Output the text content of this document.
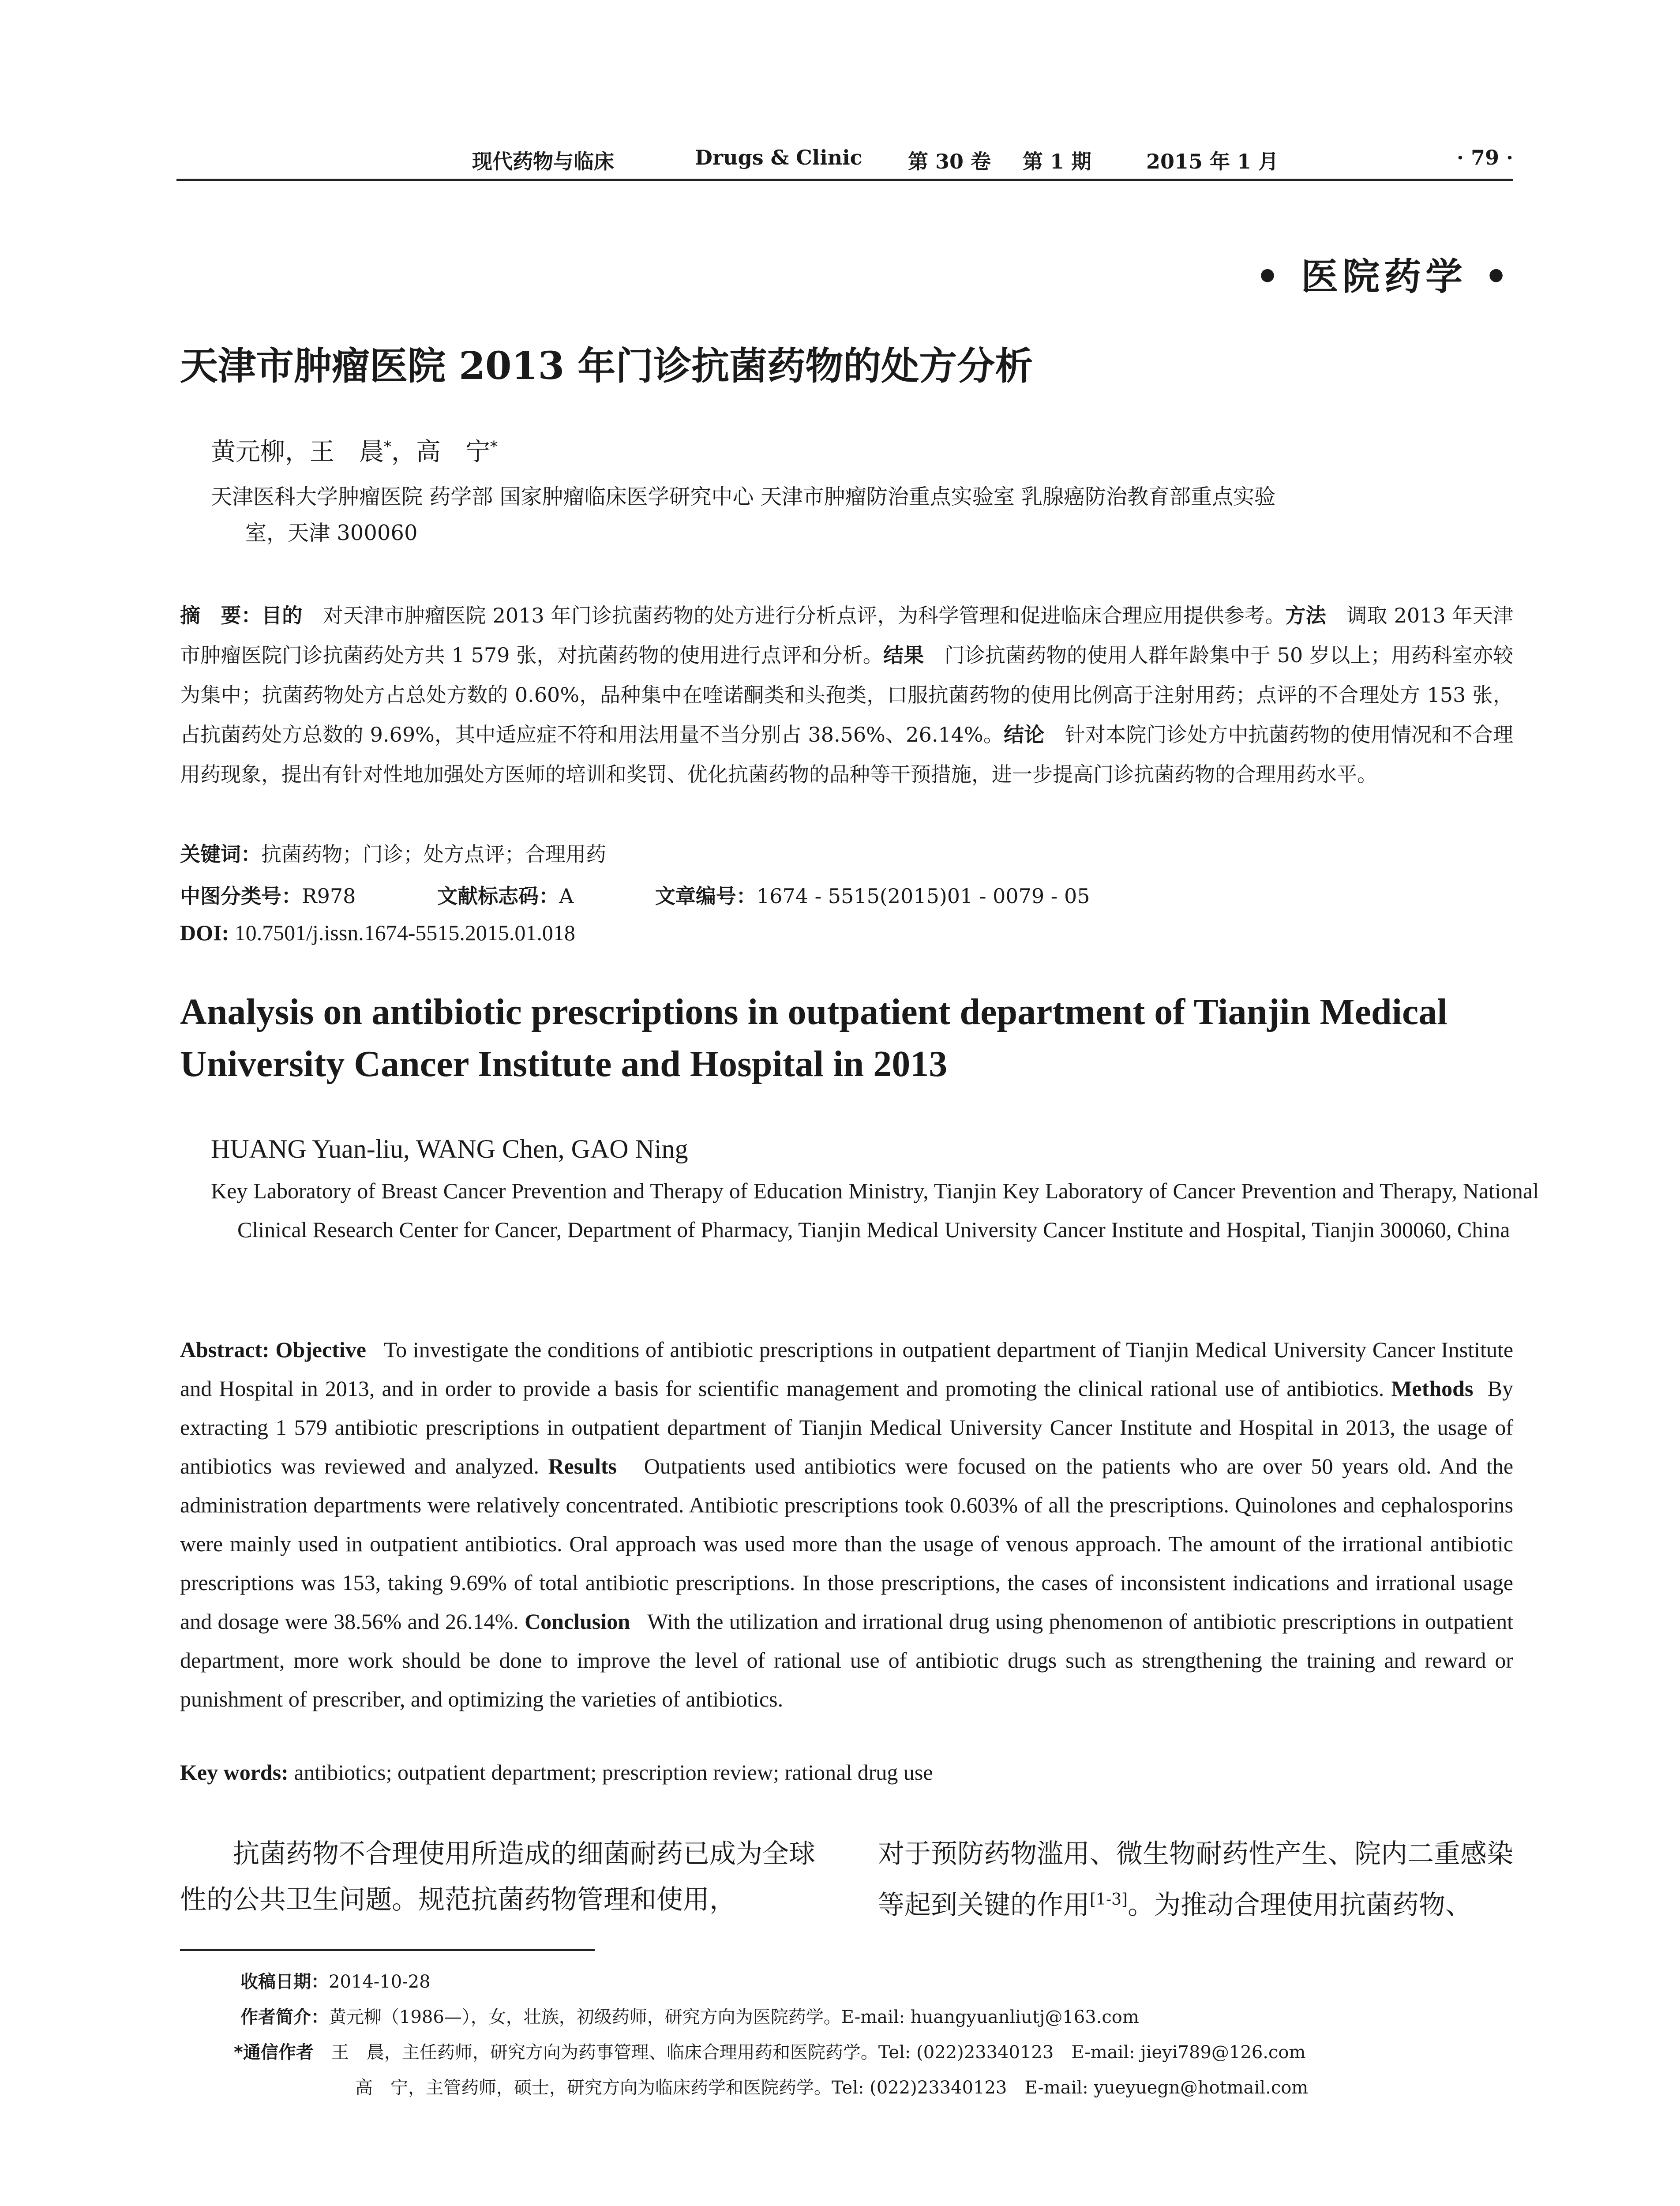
现代药物与临床	Drugs & Clinic 第 30 卷 第 1 期	2015 年 1 月	· 79 ·
• 医院药学 •
天津市肿瘤医院 2013 年门诊抗菌药物的处方分析
黄元柳，王　晨*，高　宁*
天津医科大学肿瘤医院 药学部 国家肿瘤临床医学研究中心 天津市肿瘤防治重点实验室 乳腺癌防治教育部重点实验
室，天津 300060
摘　要：目的　 对天津市肿瘤医院 2013 年门诊抗菌药物的处方进行分析点评，为科学管理和促进临床合理应用提供参考。方法　 调取 2013 年天津市肿瘤医院门诊抗菌药处方共 1 579 张，对抗菌药物的使用进行点评和分析。结果　 门诊抗菌药物的使用人群年龄集中于 50 岁以上；用药科室亦较为集中；抗菌药物处方占总处方数的 0.60%，品种集中在喹诺酮类和头孢类，口服抗菌药物的使用比例高于注射用药；点评的不合理处方 153 张，占抗菌药处方总数的 9.69%，其中适应症不符和用法用量不当分别占 38.56%、26.14%。结论　 针对本院门诊处方中抗菌药物的使用情况和不合理用药现象，提出有针对性地加强处方医师的培训和奖罚、优化抗菌药物的品种等干预措施，进一步提高门诊抗菌药物的合理用药水平。
关键词：抗菌药物；门诊；处方点评；合理用药
中图分类号：R978	文献标志码：A	文章编号：1674 - 5515(2015)01 - 0079 - 05
DOI: 10.7501/j.issn.1674-5515.2015.01.018
Analysis on antibiotic prescriptions in outpatient department of Tianjin Medical University Cancer Institute and Hospital in 2013
HUANG Yuan-liu, WANG Chen, GAO Ning
Key Laboratory of Breast Cancer Prevention and Therapy of Education Ministry, Tianjin Key Laboratory of Cancer Prevention and Therapy, National Clinical Research Center for Cancer, Department of Pharmacy, Tianjin Medical University Cancer Institute and Hospital, Tianjin 300060, China
Abstract: Objective To investigate the conditions of antibiotic prescriptions in outpatient department of Tianjin Medical University Cancer Institute and Hospital in 2013, and in order to provide a basis for scientific management and promoting the clinical rational use of antibiotics. Methods By extracting 1 579 antibiotic prescriptions in outpatient department of Tianjin Medical University Cancer Institute and Hospital in 2013, the usage of antibiotics was reviewed and analyzed. Results Outpatients used antibiotics were focused on the patients who are over 50 years old. And the administration departments were relatively concentrated. Antibiotic prescriptions took 0.603% of all the prescriptions. Quinolones and cephalosporins were mainly used in outpatient antibiotics. Oral approach was used more than the usage of venous approach. The amount of the irrational antibiotic prescriptions was 153, taking 9.69% of total antibiotic prescriptions. In those prescriptions, the cases of inconsistent indications and irrational usage and dosage were 38.56% and 26.14%. Conclusion With the utilization and irrational drug using phenomenon of antibiotic prescriptions in outpatient department, more work should be done to improve the level of rational use of antibiotic drugs such as strengthening the training and reward or punishment of prescriber, and optimizing the varieties of antibiotics.
Key words: antibiotics; outpatient department; prescription review; rational drug use
抗菌药物不合理使用所造成的细菌耐药已成为全球性的公共卫生问题。规范抗菌药物管理和使用，
对于预防药物滥用、微生物耐药性产生、院内二重感染等起到关键的作用[1-3]。为推动合理使用抗菌药物、
收稿日期：2014-10-28
作者简介：黄元柳（1986—），女，壮族，初级药师，研究方向为医院药学。E-mail: huangyuanliutj@163.com
*通信作者　 王　晨，主任药师，研究方向为药事管理、临床合理用药和医院药学。Tel: (022)23340123　E-mail: jieyi789@126.com
高　宁，主管药师，硕士，研究方向为临床药学和医院药学。Tel: (022)23340123　E-mail: yueyuegn@hotmail.com
